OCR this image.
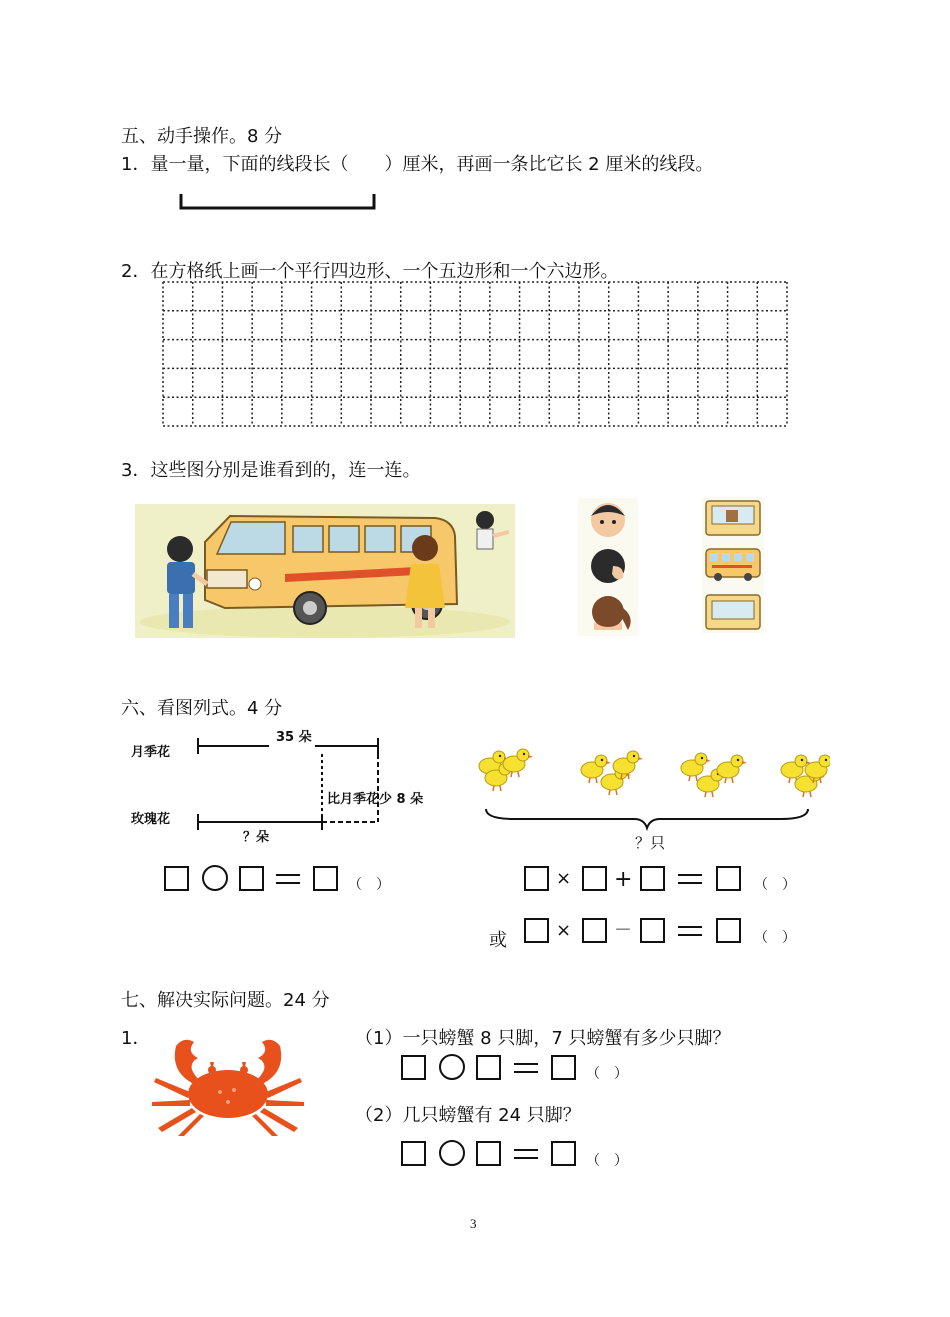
五、动手操作。8 分
1．量一量，下面的线段长（　　）厘米，再画一条比它长 2 厘米的线段。
2．在方格纸上画一个平行四边形、一个五边形和一个六边形。
3．这些图分别是谁看到的，连一连。
六、看图列式。4 分
月季花
玫瑰花
35 朵
比月季花少 8 朵
？朵
（　）
？只
× +	（　）
或	× －	（　）
七、解决实际问题。24 分
1．	（1）一只螃蟹 8 只脚，7 只螃蟹有多少只脚？
（　）
（2）几只螃蟹有 24 只脚？
（　）
3
